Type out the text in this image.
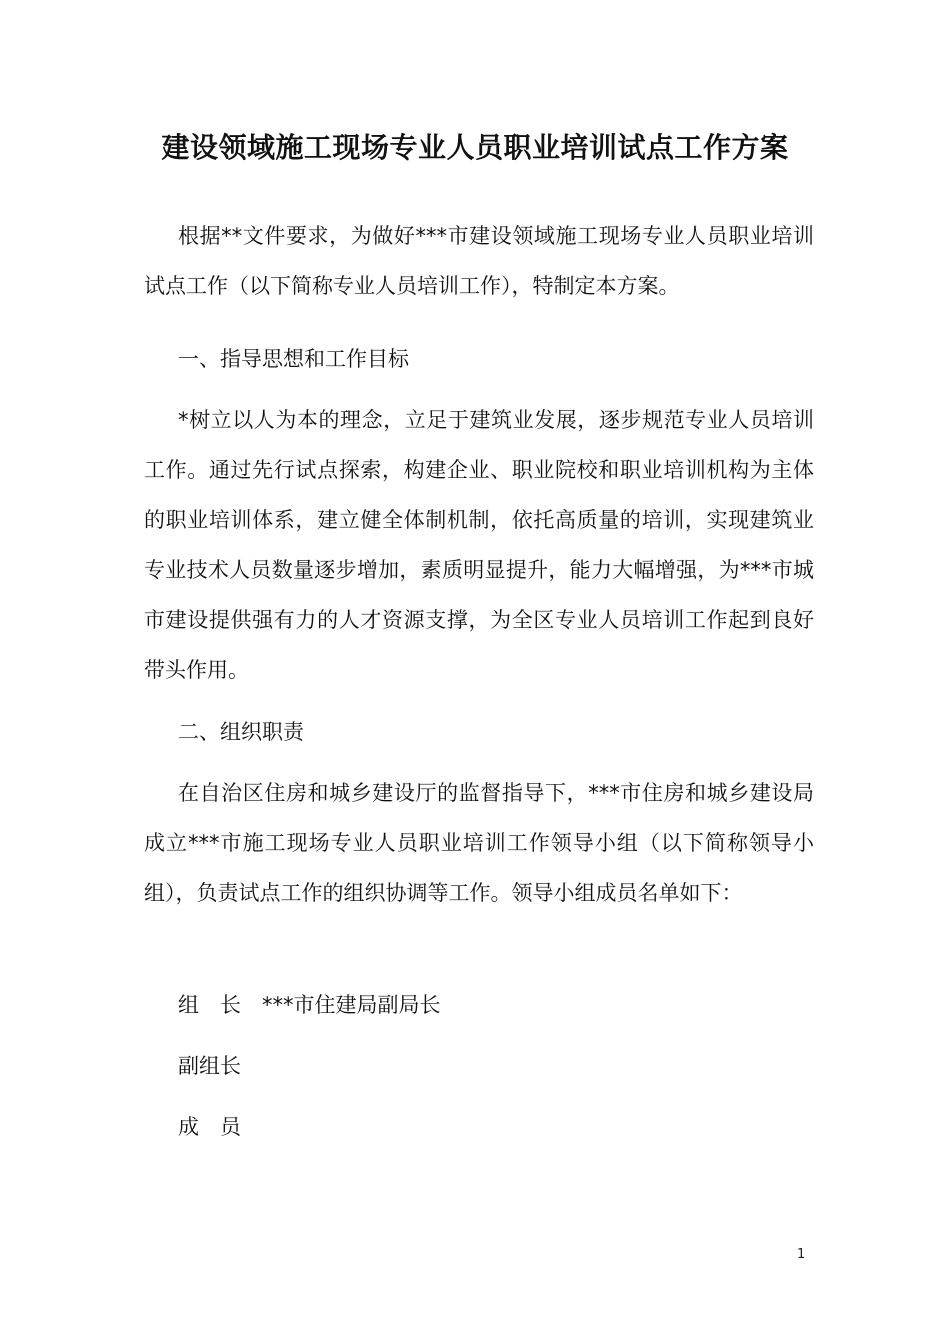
建设领域施工现场专业人员职业培训试点工作方案

根据**文件要求，为做好***市建设领域施工现场专业人员职业培训试点工作（以下简称专业人员培训工作），特制定本方案。

一、指导思想和工作目标

*树立以人为本的理念，立足于建筑业发展，逐步规范专业人员培训工作。通过先行试点探索，构建企业、职业院校和职业培训机构为主体的职业培训体系，建立健全体制机制，依托高质量的培训，实现建筑业专业技术人员数量逐步增加，素质明显提升，能力大幅增强，为***市城市建设提供强有力的人才资源支撑，为全区专业人员培训工作起到良好带头作用。

二、组织职责

在自治区住房和城乡建设厅的监督指导下，***市住房和城乡建设局成立***市施工现场专业人员职业培训工作领导小组（以下简称领导小组），负责试点工作的组织协调等工作。领导小组成员名单如下：

组　长　***市住建局副局长

副组长

成　员

1
